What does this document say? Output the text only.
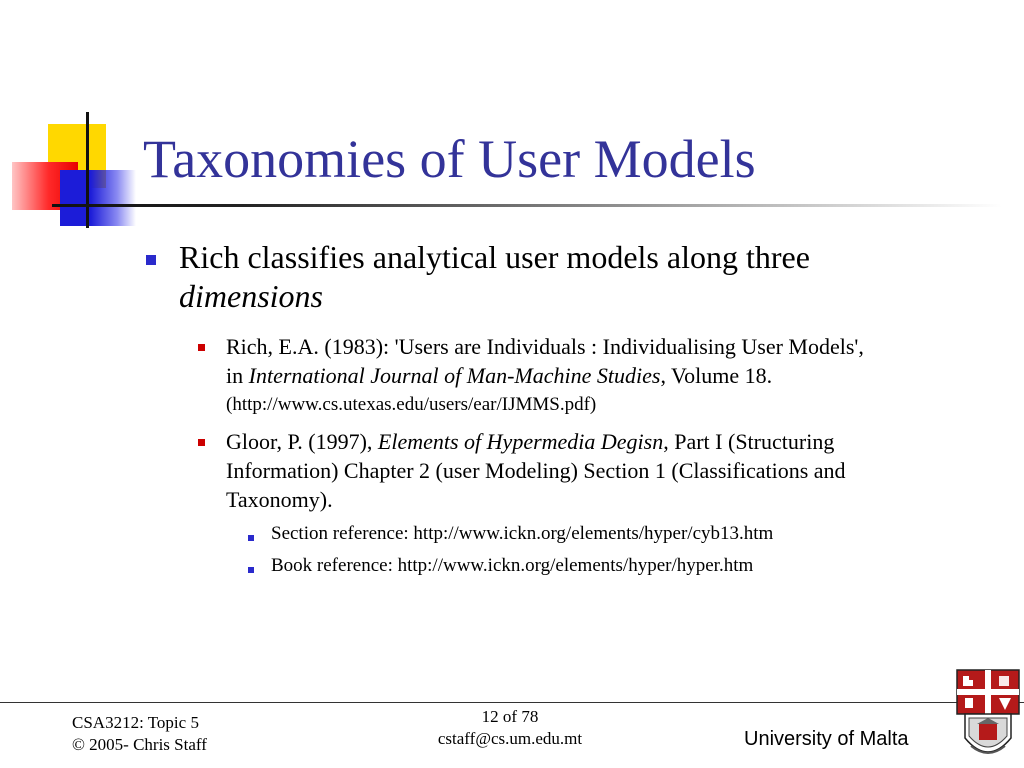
Taxonomies of User Models
Rich classifies analytical user models along three
dimensions
Rich, E.A. (1983): 'Users are Individuals : Individualising User Models',
in International Journal of Man-Machine Studies, Volume 18.
(http://www.cs.utexas.edu/users/ear/IJMMS.pdf)
Gloor, P. (1997), Elements of Hypermedia Degisn, Part I (Structuring
Information) Chapter 2 (user Modeling) Section 1 (Classifications and
Taxonomy).
Section reference: http://www.ickn.org/elements/hyper/cyb13.htm
Book reference: http://www.ickn.org/elements/hyper/hyper.htm
CSA3212: Topic 5
© 2005- Chris Staff
12 of 78
cstaff@cs.um.edu.mt	University of Malta
